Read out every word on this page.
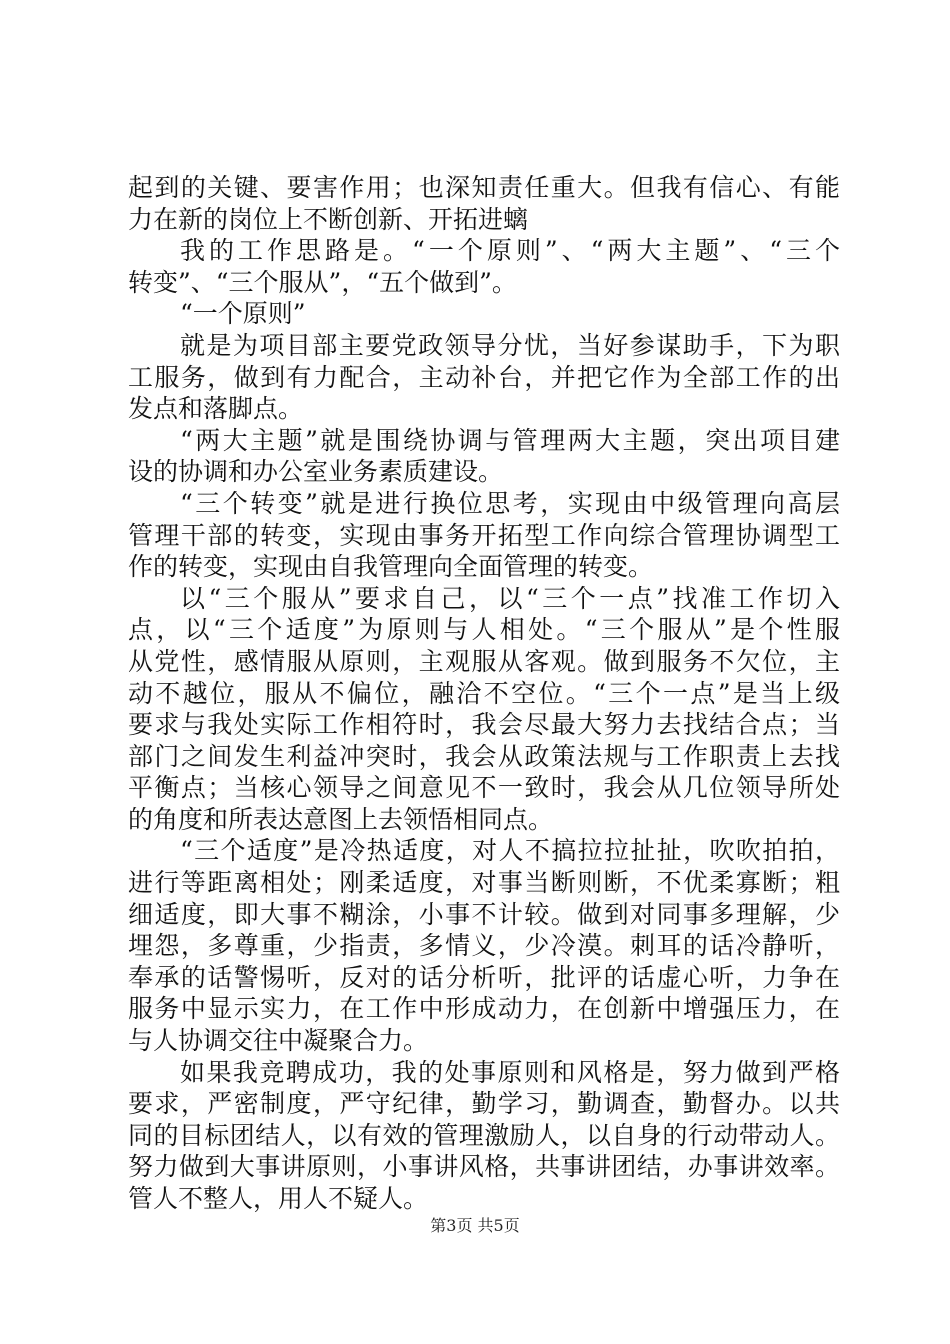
起到的关键、要害作用；也深知责任重大。但我有信心、有能
力在新的岗位上不断创新、开拓进螭
我的工作思路是。“一个原则”、“两大主题”、“三个
转变”、“三个服从”，“五个做到”。
“一个原则”
就是为项目部主要党政领导分忧，当好参谋助手，下为职
工服务，做到有力配合，主动补台，并把它作为全部工作的出
发点和落脚点。
“两大主题”就是围绕协调与管理两大主题，突出项目建
设的协调和办公室业务素质建设。
“三个转变”就是进行换位思考，实现由中级管理向高层
管理干部的转变，实现由事务开拓型工作向综合管理协调型工
作的转变，实现由自我管理向全面管理的转变。
以“三个服从”要求自己，以“三个一点”找准工作切入
点，以“三个适度”为原则与人相处。“三个服从”是个性服
从党性，感情服从原则，主观服从客观。做到服务不欠位，主
动不越位，服从不偏位，融洽不空位。“三个一点”是当上级
要求与我处实际工作相符时，我会尽最大努力去找结合点；当
部门之间发生利益冲突时，我会从政策法规与工作职责上去找
平衡点；当核心领导之间意见不一致时，我会从几位领导所处
的角度和所表达意图上去领悟相同点。
“三个适度”是冷热适度，对人不搞拉拉扯扯，吹吹拍拍，
进行等距离相处；刚柔适度，对事当断则断，不优柔寡断；粗
细适度，即大事不糊涂，小事不计较。做到对同事多理解，少
埋怨，多尊重，少指责，多情义，少冷漠。刺耳的话冷静听，
奉承的话警惕听，反对的话分析听，批评的话虚心听，力争在
服务中显示实力，在工作中形成动力，在创新中增强压力，在
与人协调交往中凝聚合力。
如果我竞聘成功，我的处事原则和风格是，努力做到严格
要求，严密制度，严守纪律，勤学习，勤调查，勤督办。以共
同的目标团结人，以有效的管理激励人，以自身的行动带动人。
努力做到大事讲原则，小事讲风格，共事讲团结，办事讲效率。
管人不整人，用人不疑人。
第3页 共5页
